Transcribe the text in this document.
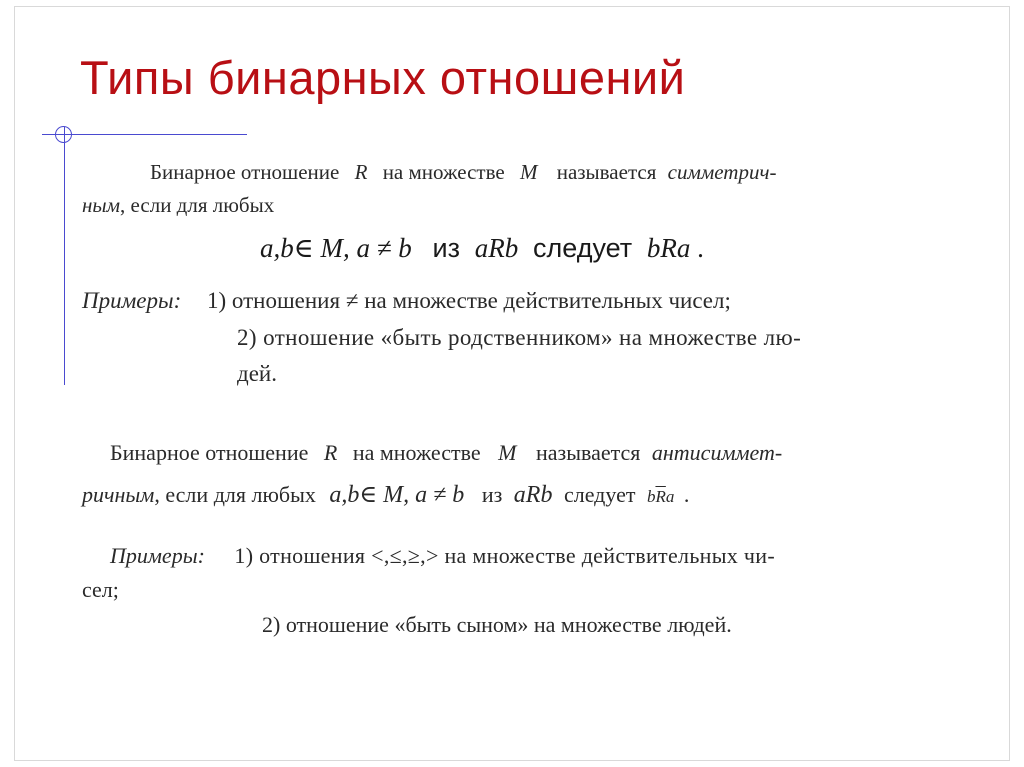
Типы бинарных отношений
Бинарное отношение R на множестве M называется симметрич-
ным, если для любых
a,b∈ M, a ≠ b из aRb следует bRa .
Примеры: 1) отношения ≠ на множестве действительных чисел;
2) отношение «быть родственником» на множестве лю-
дей.
Бинарное отношение R на множестве M называется антисиммет-
ричным, если для любых a,b∈ M, a ≠ b из aRb следует $b\overline{R}a$ .
Примеры: 1) отношения <,≤,≥,> на множестве действительных чи-
сел;
2) отношение «быть сыном» на множестве людей.
